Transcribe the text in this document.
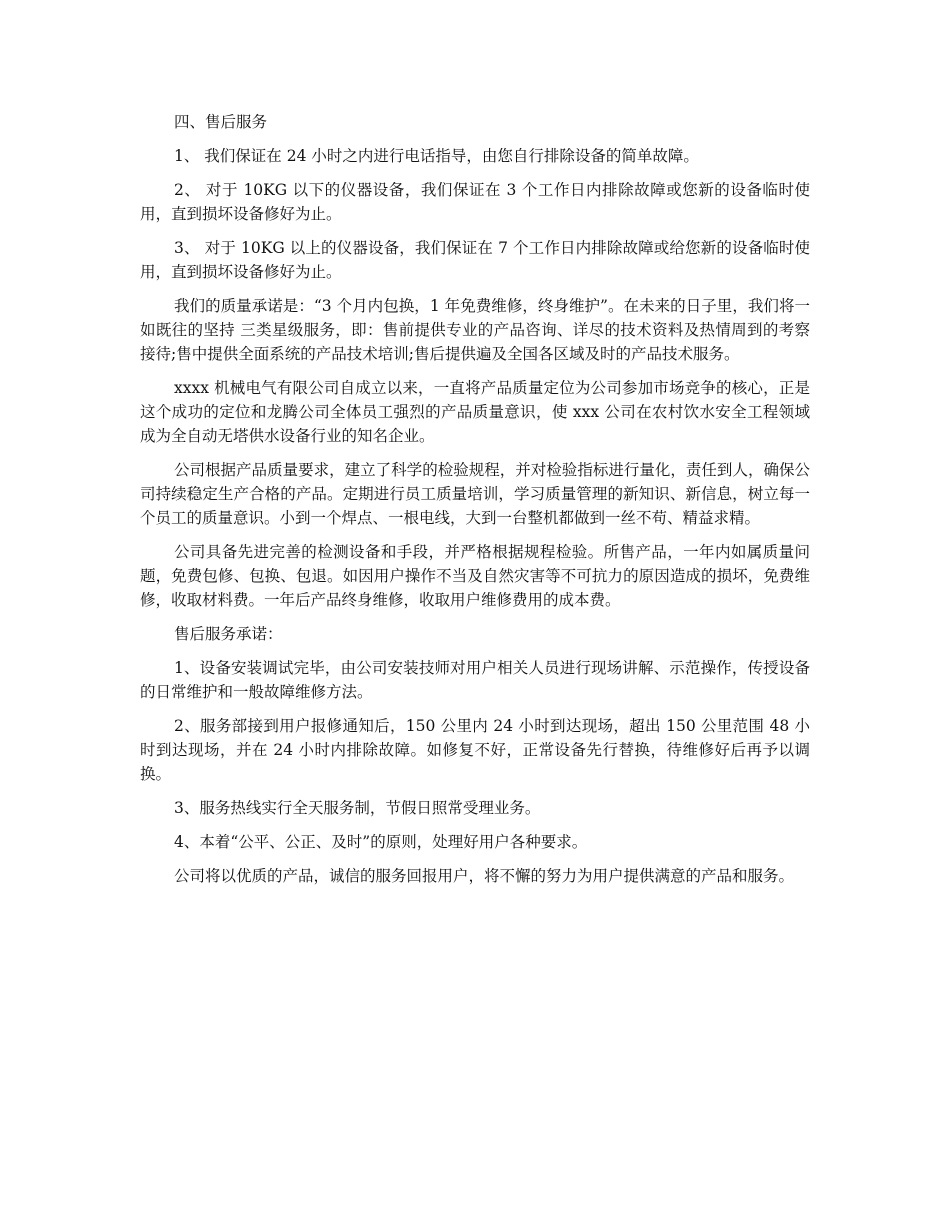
四、售后服务

1、 我们保证在 24 小时之内进行电话指导，由您自行排除设备的简单故障。

2、 对于 10KG 以下的仪器设备，我们保证在 3 个工作日内排除故障或您新的设备临时使用，直到损坏设备修好为止。

3、 对于 10KG 以上的仪器设备，我们保证在 7 个工作日内排除故障或给您新的设备临时使用，直到损坏设备修好为止。

我们的质量承诺是：“3 个月内包换，1 年免费维修，终身维护”。在未来的日子里，我们将一如既往的坚持 三类星级服务，即：售前提供专业的产品咨询、详尽的技术资料及热情周到的考察接待;售中提供全面系统的产品技术培训;售后提供遍及全国各区域及时的产品技术服务。

xxxx 机械电气有限公司自成立以来，一直将产品质量定位为公司参加市场竞争的核心，正是这个成功的定位和龙腾公司全体员工强烈的产品质量意识，使 xxx 公司在农村饮水安全工程领域成为全自动无塔供水设备行业的知名企业。

公司根据产品质量要求，建立了科学的检验规程，并对检验指标进行量化，责任到人，确保公司持续稳定生产合格的产品。定期进行员工质量培训，学习质量管理的新知识、新信息，树立每一个员工的质量意识。小到一个焊点、一根电线，大到一台整机都做到一丝不苟、精益求精。

公司具备先进完善的检测设备和手段，并严格根据规程检验。所售产品，一年内如属质量问题，免费包修、包换、包退。如因用户操作不当及自然灾害等不可抗力的原因造成的损坏，免费维修，收取材料费。一年后产品终身维修，收取用户维修费用的成本费。

售后服务承诺：

1、设备安装调试完毕，由公司安装技师对用户相关人员进行现场讲解、示范操作，传授设备的日常维护和一般故障维修方法。

2、服务部接到用户报修通知后，150 公里内 24 小时到达现场，超出 150 公里范围 48 小时到达现场，并在 24 小时内排除故障。如修复不好，正常设备先行替换，待维修好后再予以调换。

3、服务热线实行全天服务制，节假日照常受理业务。

4、本着“公平、公正、及时”的原则，处理好用户各种要求。

公司将以优质的产品，诚信的服务回报用户，将不懈的努力为用户提供满意的产品和服务。
